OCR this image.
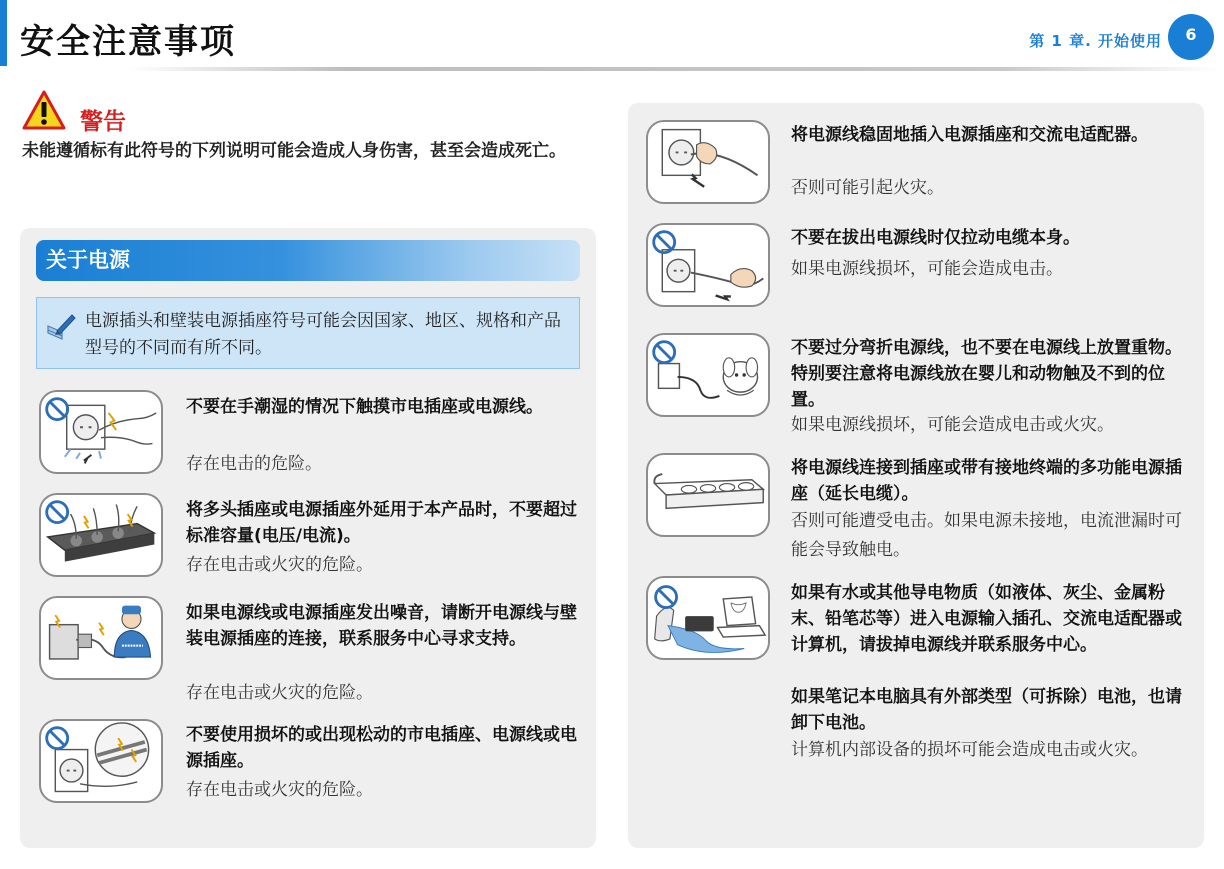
安全注意事项	第 1 章. 开始使用	6
警告
未能遵循标有此符号的下列说明可能会造成人身伤害，甚至会造成死亡。
关于电源
电源插头和壁装电源插座符号可能会因国家、地区、规格和产品型号的不同而有所不同。
不要在手潮湿的情况下触摸市电插座或电源线。
存在电击的危险。
将多头插座或电源插座外延用于本产品时，不要超过标准容量(电压/电流)。
存在电击或火灾的危险。
如果电源线或电源插座发出噪音，请断开电源线与壁装电源插座的连接，联系服务中心寻求支持。
存在电击或火灾的危险。
不要使用损坏的或出现松动的市电插座、电源线或电源插座。
存在电击或火灾的危险。
将电源线稳固地插入电源插座和交流电适配器。
否则可能引起火灾。
不要在拔出电源线时仅拉动电缆本身。
如果电源线损坏，可能会造成电击。
不要过分弯折电源线，也不要在电源线上放置重物。特别要注意将电源线放在婴儿和动物触及不到的位置。
如果电源线损坏，可能会造成电击或火灾。
将电源线连接到插座或带有接地终端的多功能电源插座（延长电缆）。
否则可能遭受电击。如果电源未接地，电流泄漏时可能会导致触电。
如果有水或其他导电物质（如液体、灰尘、金属粉末、铅笔芯等）进入电源输入插孔、交流电适配器或计算机，请拔掉电源线并联系服务中心。
如果笔记本电脑具有外部类型（可拆除）电池，也请卸下电池。
计算机内部设备的损坏可能会造成电击或火灾。
